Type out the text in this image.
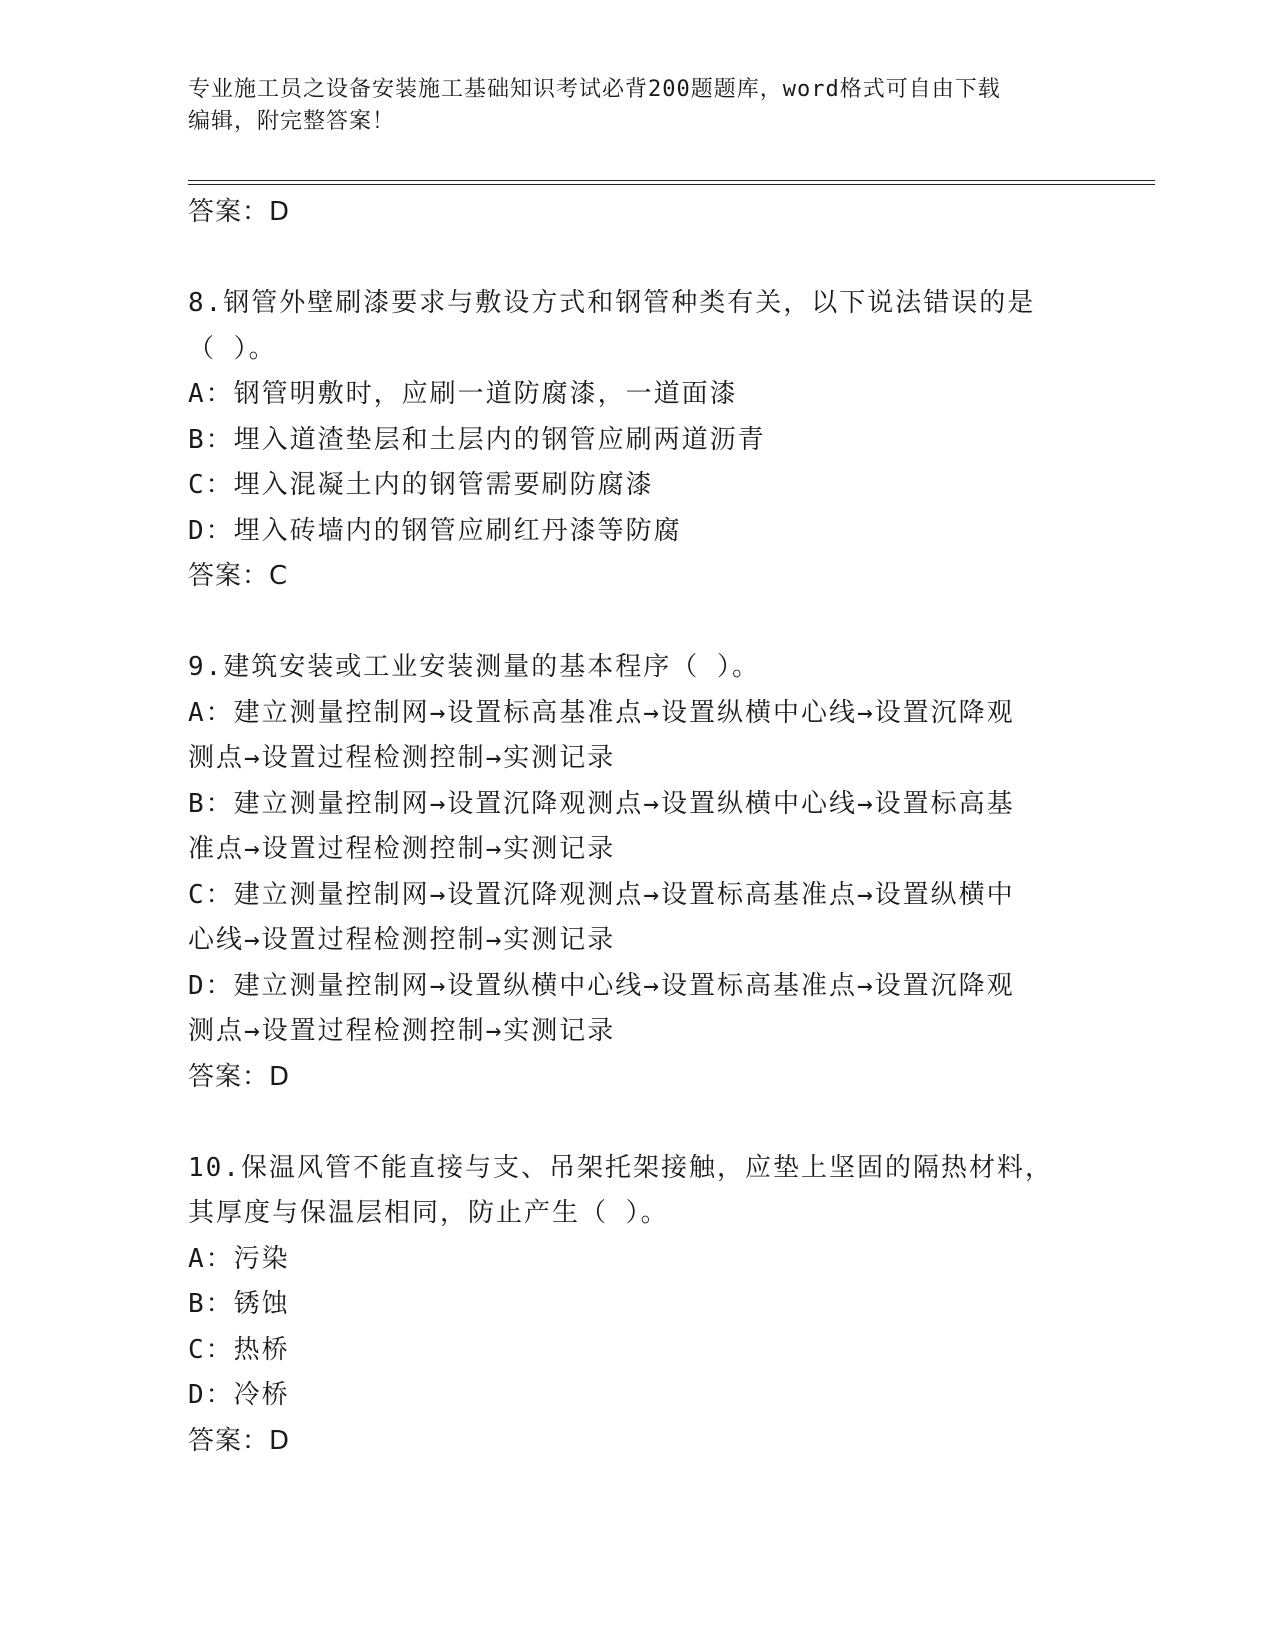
专业施工员之设备安装施工基础知识考试必背200题题库，word格式可自由下载
编辑，附完整答案！
答案：D
8.钢管外壁刷漆要求与敷设方式和钢管种类有关，以下说法错误的是
（ ）。
A：钢管明敷时，应刷一道防腐漆，一道面漆
B：埋入道渣垫层和土层内的钢管应刷两道沥青
C：埋入混凝土内的钢管需要刷防腐漆
D：埋入砖墙内的钢管应刷红丹漆等防腐
答案：C
9.建筑安装或工业安装测量的基本程序（ ）。
A：建立测量控制网→设置标高基准点→设置纵横中心线→设置沉降观
测点→设置过程检测控制→实测记录
B：建立测量控制网→设置沉降观测点→设置纵横中心线→设置标高基
准点→设置过程检测控制→实测记录
C：建立测量控制网→设置沉降观测点→设置标高基准点→设置纵横中
心线→设置过程检测控制→实测记录
D：建立测量控制网→设置纵横中心线→设置标高基准点→设置沉降观
测点→设置过程检测控制→实测记录
答案：D
10.保温风管不能直接与支、吊架托架接触，应垫上坚固的隔热材料，
其厚度与保温层相同，防止产生（ ）。
A：污染
B：锈蚀
C：热桥
D：冷桥
答案：D
